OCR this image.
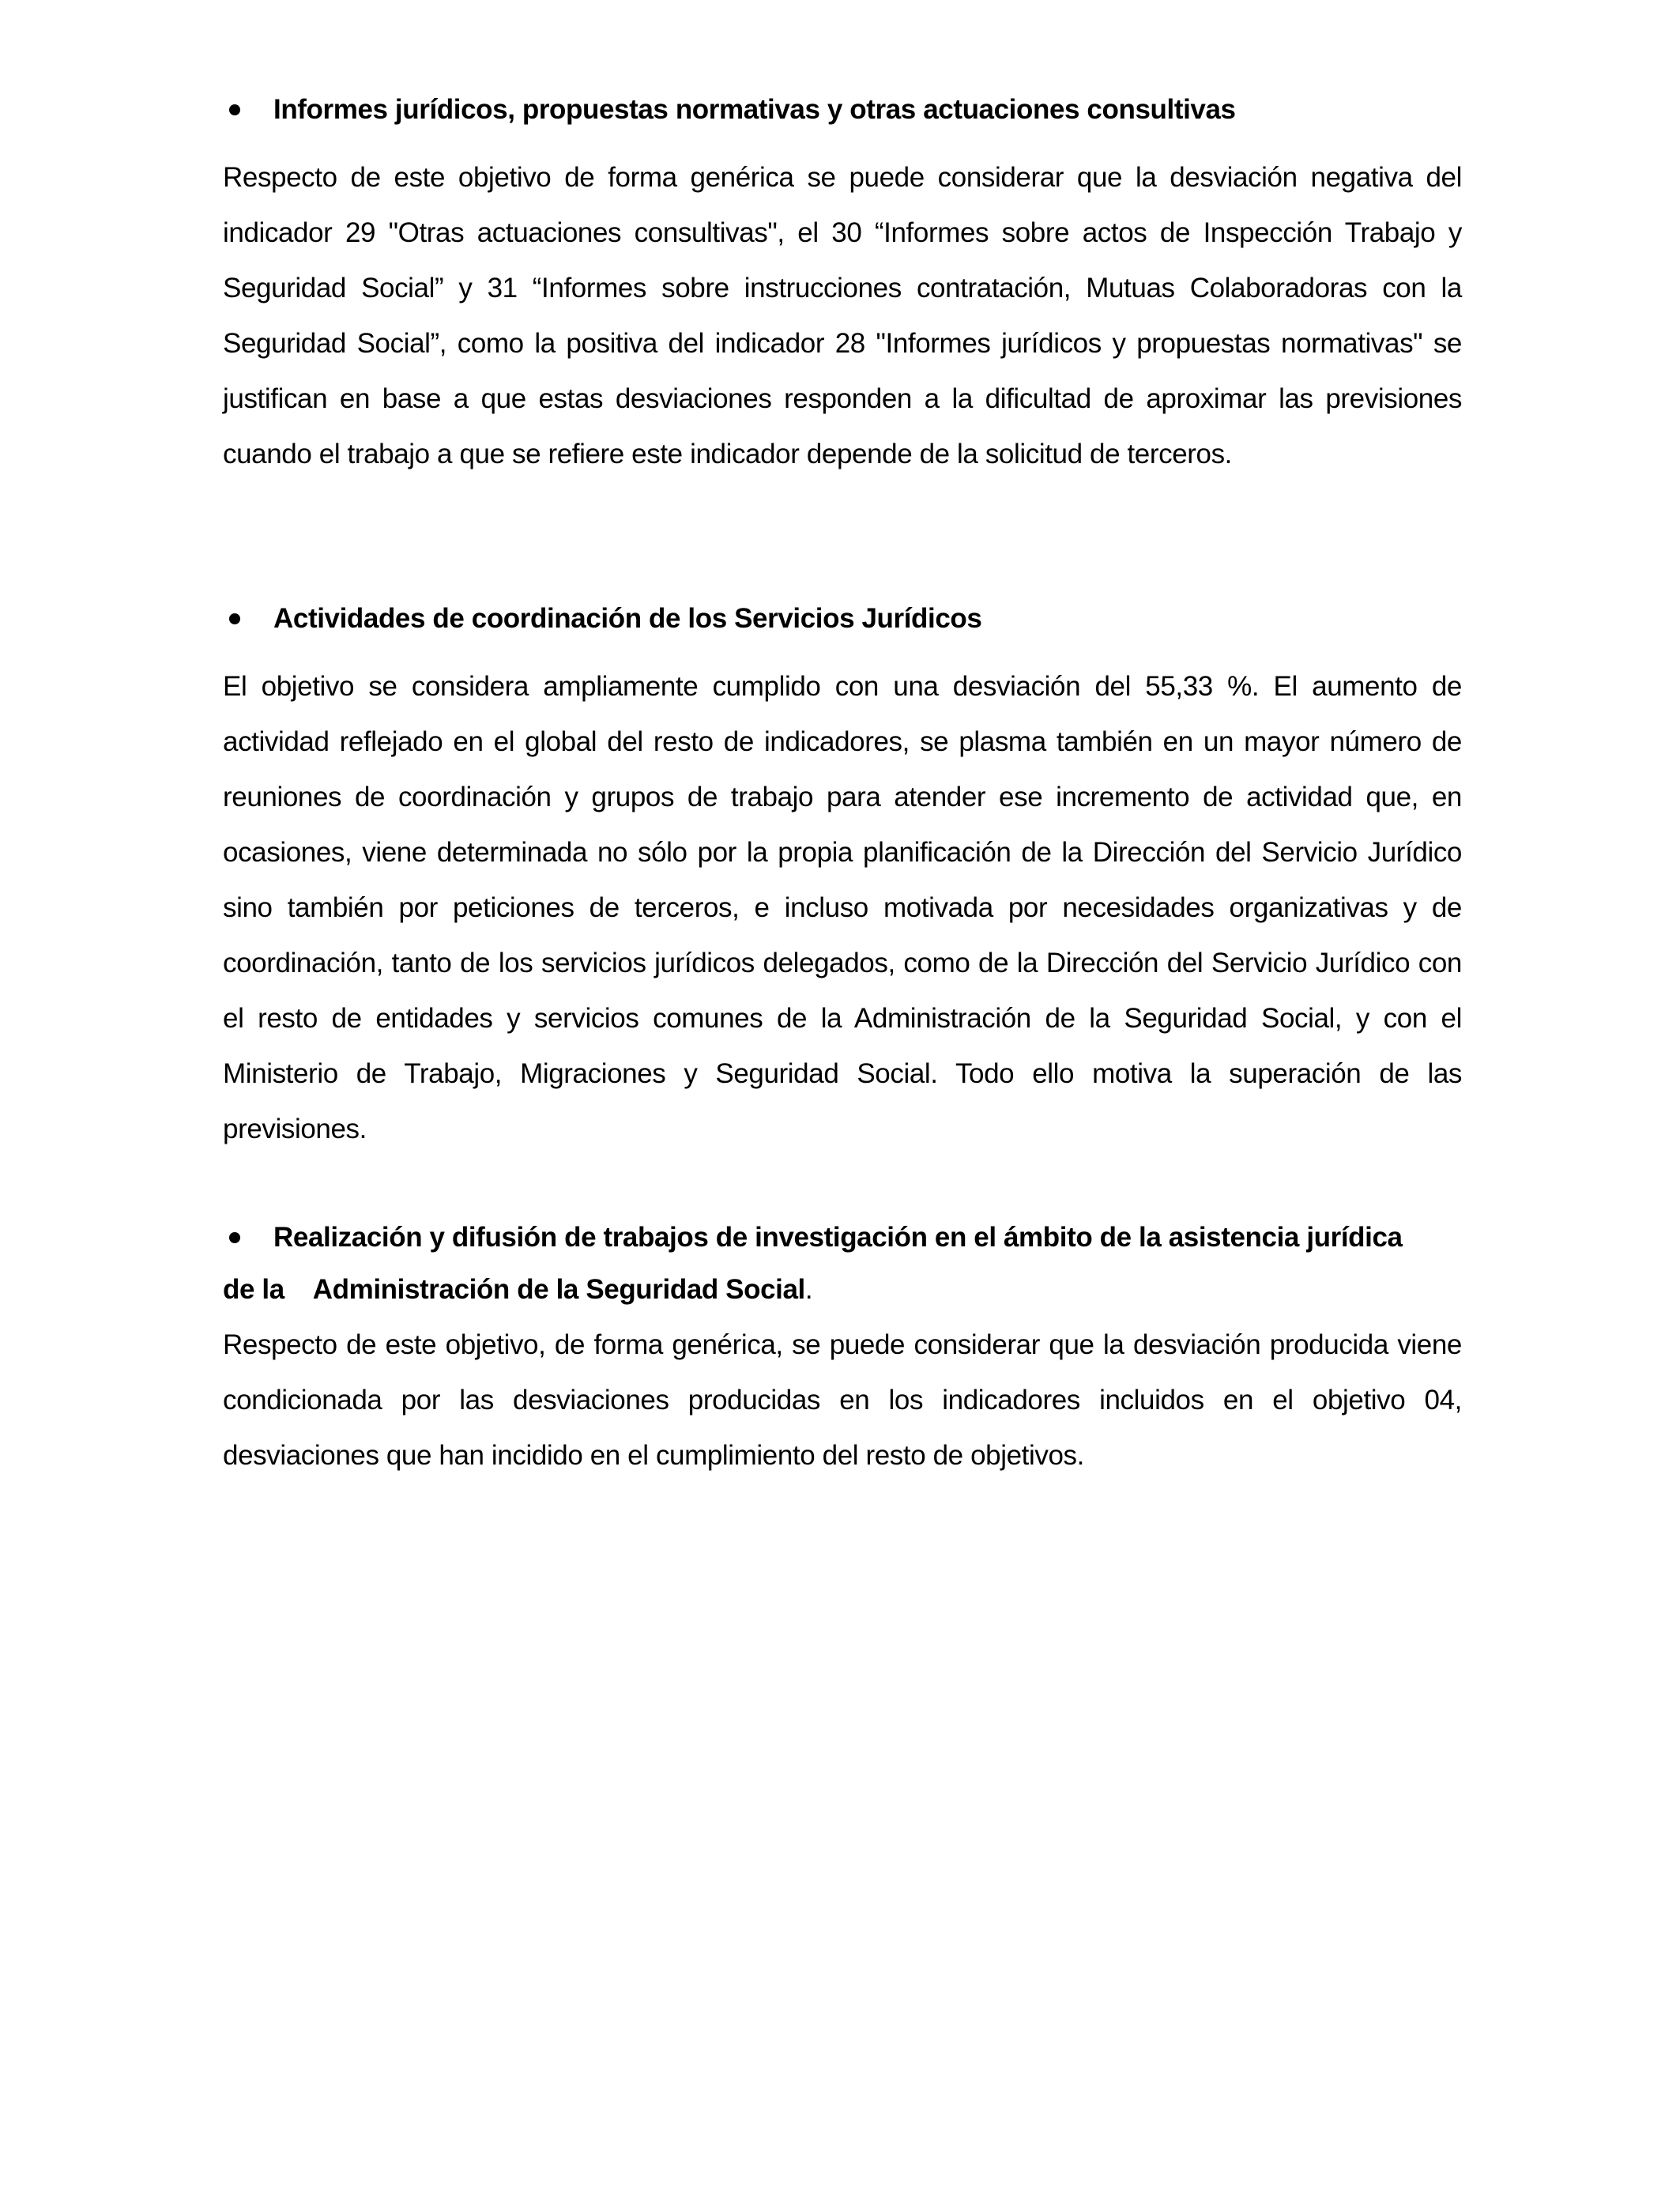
Informes jurídicos, propuestas normativas y otras actuaciones consultivas

Respecto de este objetivo de forma genérica se puede considerar que la desviación negativa del indicador 29 "Otras actuaciones consultivas", el 30 “Informes sobre actos de Inspección Trabajo y Seguridad Social” y 31 “Informes sobre instrucciones contratación, Mutuas Colaboradoras con la Seguridad Social”, como la positiva del indicador 28 "Informes jurídicos y propuestas normativas" se justifican en base a que estas desviaciones responden a la dificultad de aproximar las previsiones cuando el trabajo a que se refiere este indicador depende de la solicitud de terceros.

Actividades de coordinación de los Servicios Jurídicos

El objetivo se considera ampliamente cumplido con una desviación del 55,33 %. El aumento de actividad reflejado en el global del resto de indicadores, se plasma también en un mayor número de reuniones de coordinación y grupos de trabajo para atender ese incremento de actividad que, en ocasiones, viene determinada no sólo por la propia planificación de la Dirección del Servicio Jurídico sino también por peticiones de terceros, e incluso motivada por necesidades organizativas y de coordinación, tanto de los servicios jurídicos delegados, como de la Dirección del Servicio Jurídico con el resto de entidades y servicios comunes de la Administración de la Seguridad Social, y con el Ministerio de Trabajo, Migraciones y Seguridad Social. Todo ello motiva la superación de las previsiones.

Realización y difusión de trabajos de investigación en el ámbito de la asistencia jurídica
de la    Administración de la Seguridad Social.

Respecto de este objetivo, de forma genérica, se puede considerar que la desviación producida viene condicionada por las desviaciones producidas en los indicadores incluidos en el objetivo 04, desviaciones que han incidido en el cumplimiento del resto de objetivos.
